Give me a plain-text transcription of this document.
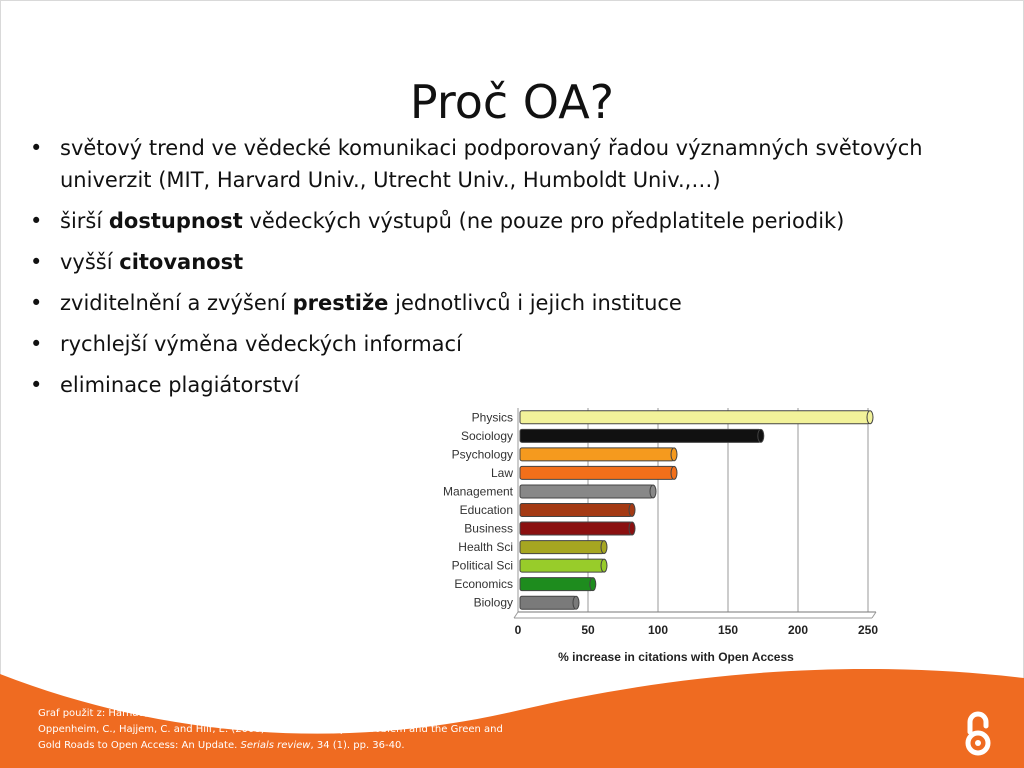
Proč OA?
• světový trend ve vědecké komunikaci podporovaný řadou významných světových univerzit (MIT, Harvard Univ., Utrecht Univ., Humboldt Univ.,…)
• širší dostupnost vědeckých výstupů (ne pouze pro předplatitele periodik)
• vyšší citovanost
• zviditelnění a zvýšení prestiže jednotlivců i jejich instituce
• rychlejší výměna vědeckých informací
• eliminace plagiátorství
Physics
Sociology
Psychology
Law
Management
Education
Business
Health Sci
Political Sci
Economics
Biology
0	50	100	150	200	250
% increase in citations with Open Access
Graf použit z: Harnad, S., Brody, T., Vallieres, F., Carr, L., Hitchcock, S., Gingras, Y., Oppenheim, C., Hajjem, C. and Hilf, E. (2008) The Access/Impact Problem and the Green and Gold Roads to Open Access: An Update. Serials review, 34 (1). pp. 36-40.
